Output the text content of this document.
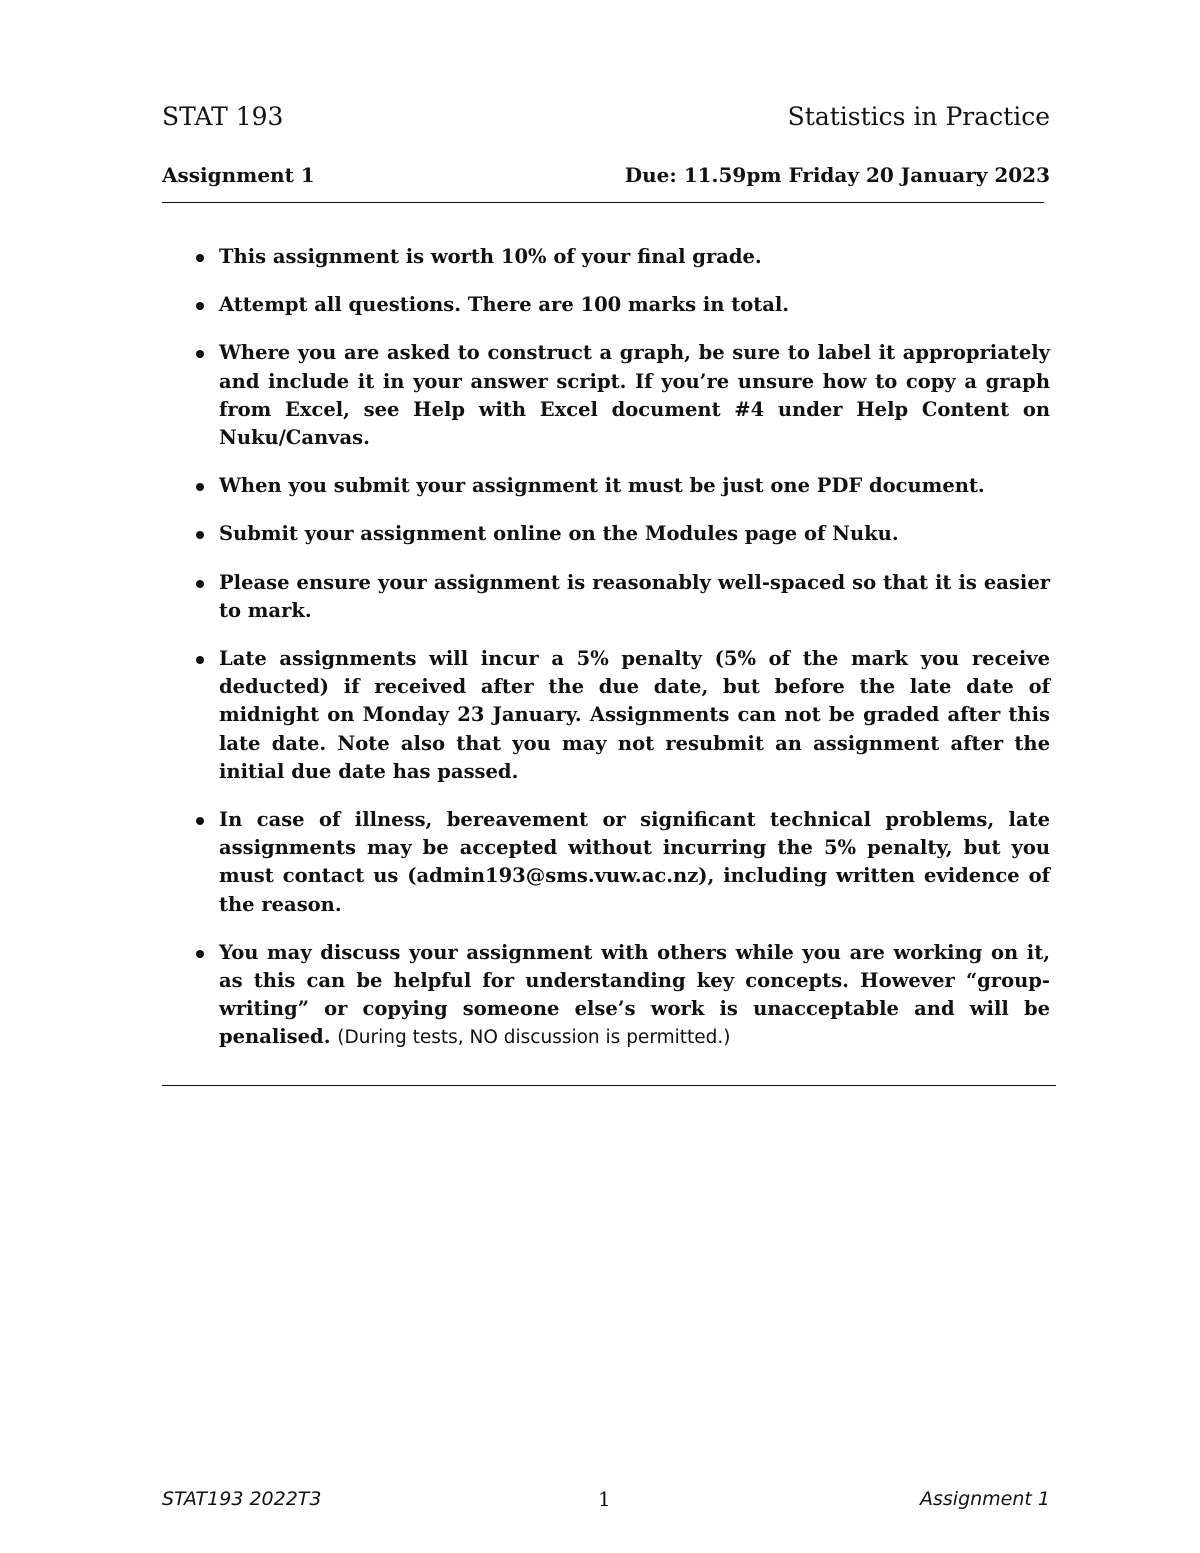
STAT 193	Statistics in Practice
Assignment 1	Due: 11.59pm Friday 20 January 2023
This assignment is worth 10% of your final grade.
Attempt all questions. There are 100 marks in total.
Where you are asked to construct a graph, be sure to label it appropriately and include it in your answer script. If you’re unsure how to copy a graph from Excel, see Help with Excel document #4 under Help Content on Nuku/Canvas.
When you submit your assignment it must be just one PDF document.
Submit your assignment online on the Modules page of Nuku.
Please ensure your assignment is reasonably well-spaced so that it is easier to mark.
Late assignments will incur a 5% penalty (5% of the mark you receive deducted) if received after the due date, but before the late date of midnight on Monday 23 January. Assignments can not be graded after this late date. Note also that you may not resubmit an assignment after the initial due date has passed.
In case of illness, bereavement or significant technical problems, late assignments may be accepted without incurring the 5% penalty, but you must contact us (admin193@sms.vuw.ac.nz), including written evidence of the reason.
You may discuss your assignment with others while you are working on it, as this can be helpful for understanding key concepts. However “group-writing” or copying someone else’s work is unacceptable and will be penalised. (During tests, NO discussion is permitted.)
STAT193 2022T3	1	Assignment 1
